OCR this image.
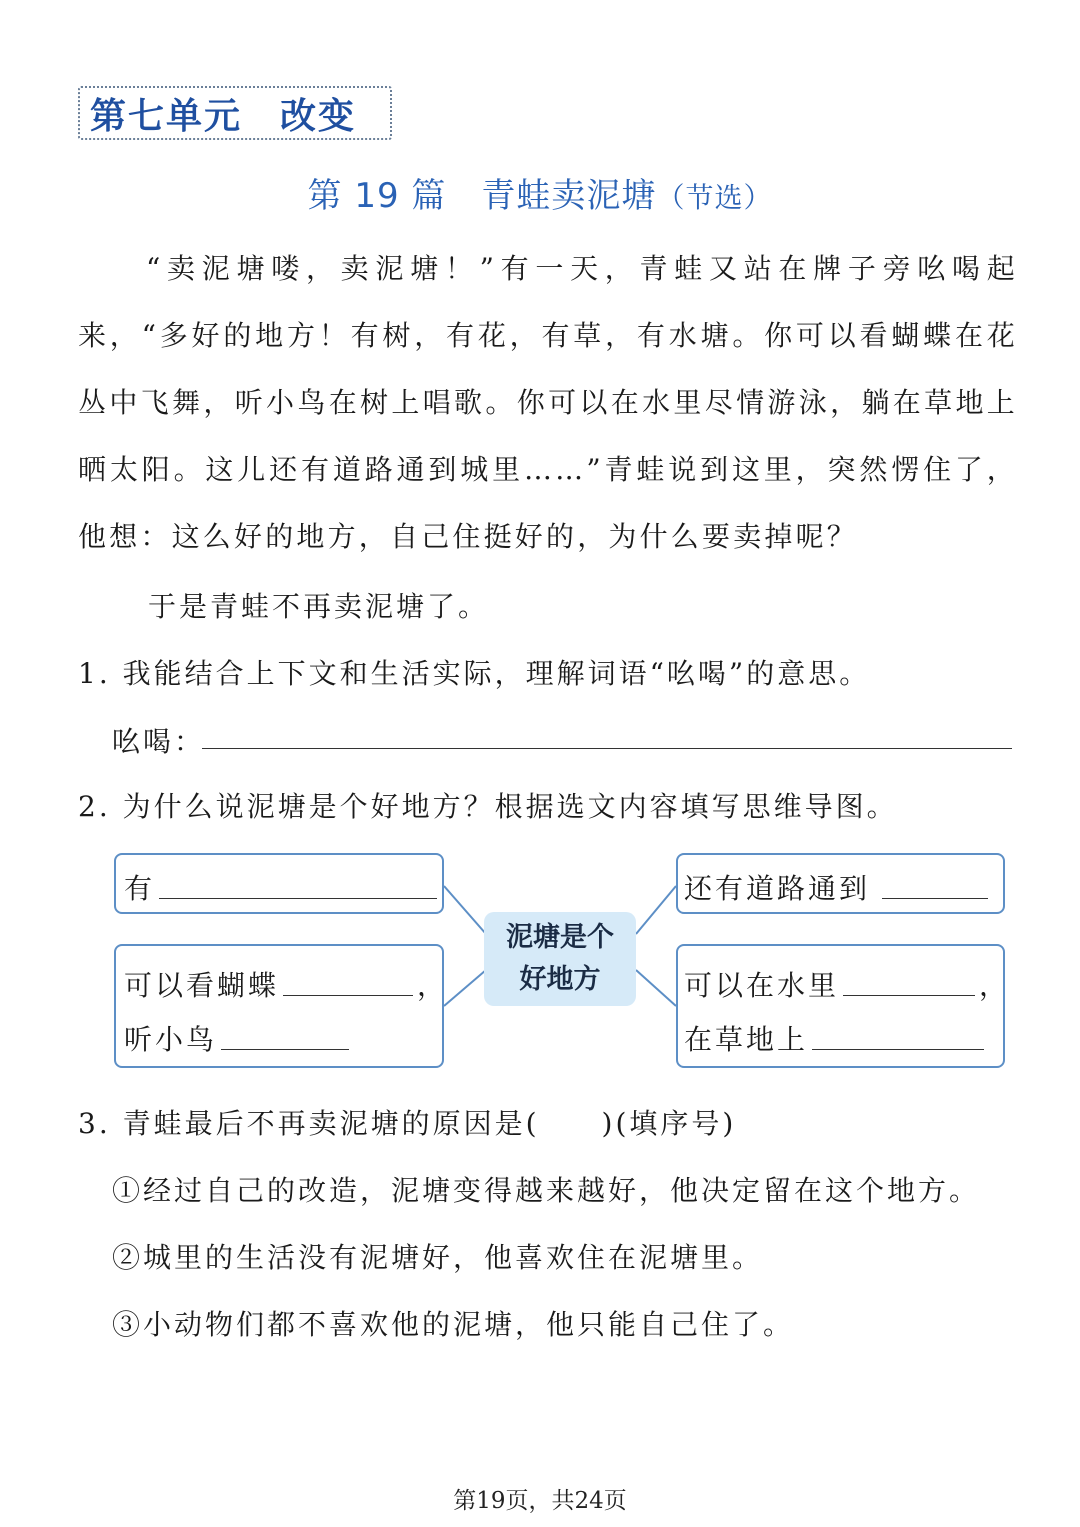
第七单元　改变
第 19 篇　青蛙卖泥塘（节选）
“卖泥塘喽，卖泥塘！”有一天，青蛙又站在牌子旁吆喝起来，“多好的地方！有树，有花，有草，有水塘。你可以看蝴蝶在花丛中飞舞，听小鸟在树上唱歌。你可以在水里尽情游泳，躺在草地上晒太阳。这儿还有道路通到城里……”青蛙说到这里，突然愣住了，他想：这么好的地方，自己住挺好的，为什么要卖掉呢？
于是青蛙不再卖泥塘了。
1. 我能结合上下文和生活实际，理解词语“吆喝”的意思。
吆喝：
2. 为什么说泥塘是个好地方？根据选文内容填写思维导图。
有
可以看蝴蝶	，
听小鸟
泥塘是个
好地方
还有道路通到
可以在水里	，
在草地上
3. 青蛙最后不再卖泥塘的原因是(　　)(填序号)
①经过自己的改造，泥塘变得越来越好，他决定留在这个地方。
②城里的生活没有泥塘好，他喜欢住在泥塘里。
③小动物们都不喜欢他的泥塘，他只能自己住了。
第19页，共24页
